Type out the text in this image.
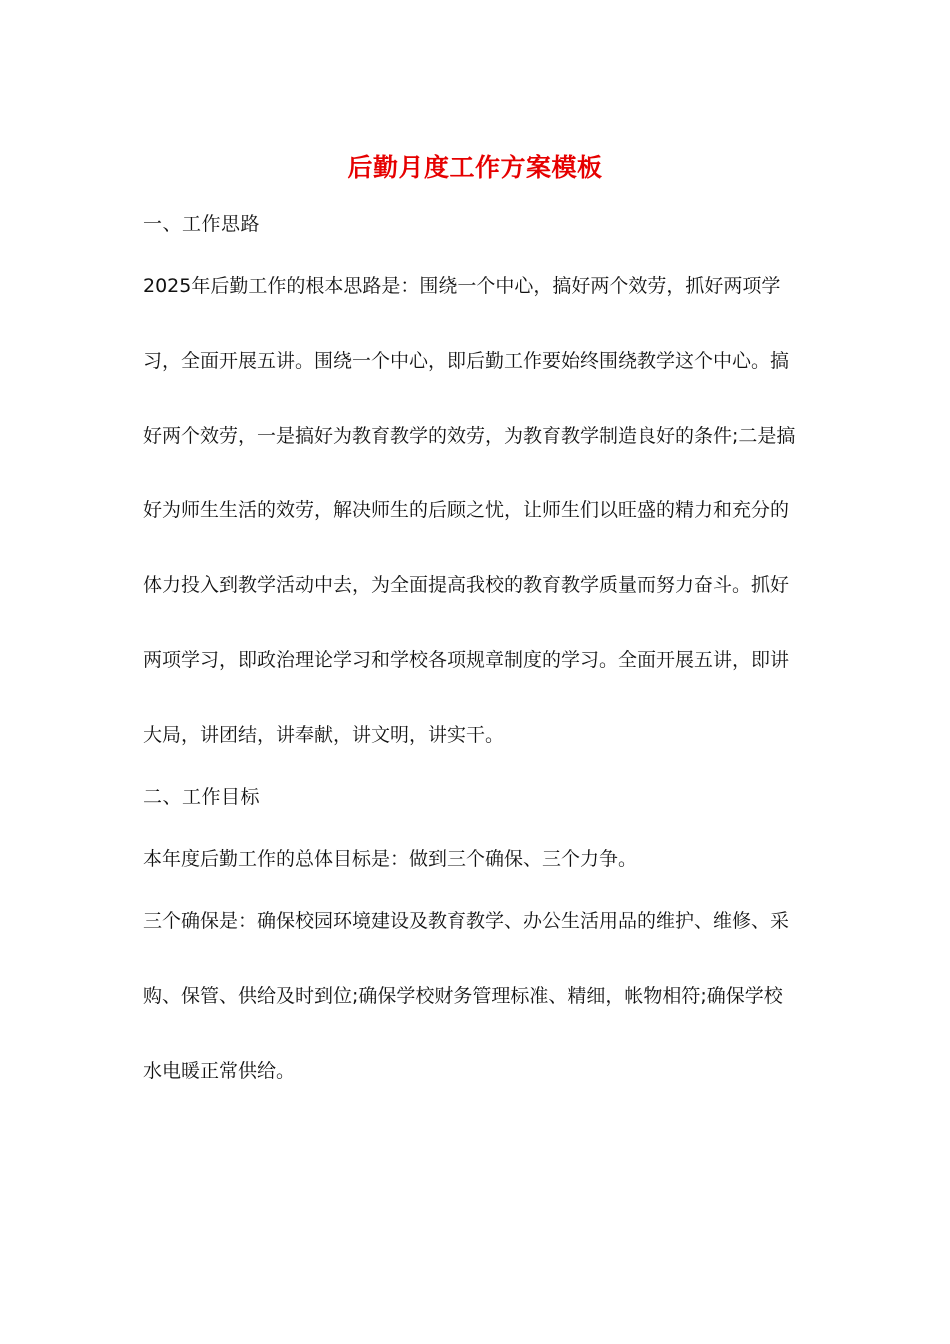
后勤月度工作方案模板
一、工作思路
2025年后勤工作的根本思路是：围绕一个中心，搞好两个效劳，抓好两项学
习，全面开展五讲。围绕一个中心，即后勤工作要始终围绕教学这个中心。搞
好两个效劳，一是搞好为教育教学的效劳，为教育教学制造良好的条件;二是搞
好为师生生活的效劳，解决师生的后顾之忧，让师生们以旺盛的精力和充分的
体力投入到教学活动中去，为全面提高我校的教育教学质量而努力奋斗。抓好
两项学习，即政治理论学习和学校各项规章制度的学习。全面开展五讲，即讲
大局，讲团结，讲奉献，讲文明，讲实干。
二、工作目标
本年度后勤工作的总体目标是：做到三个确保、三个力争。
三个确保是：确保校园环境建设及教育教学、办公生活用品的维护、维修、采
购、保管、供给及时到位;确保学校财务管理标准、精细，帐物相符;确保学校
水电暖正常供给。
